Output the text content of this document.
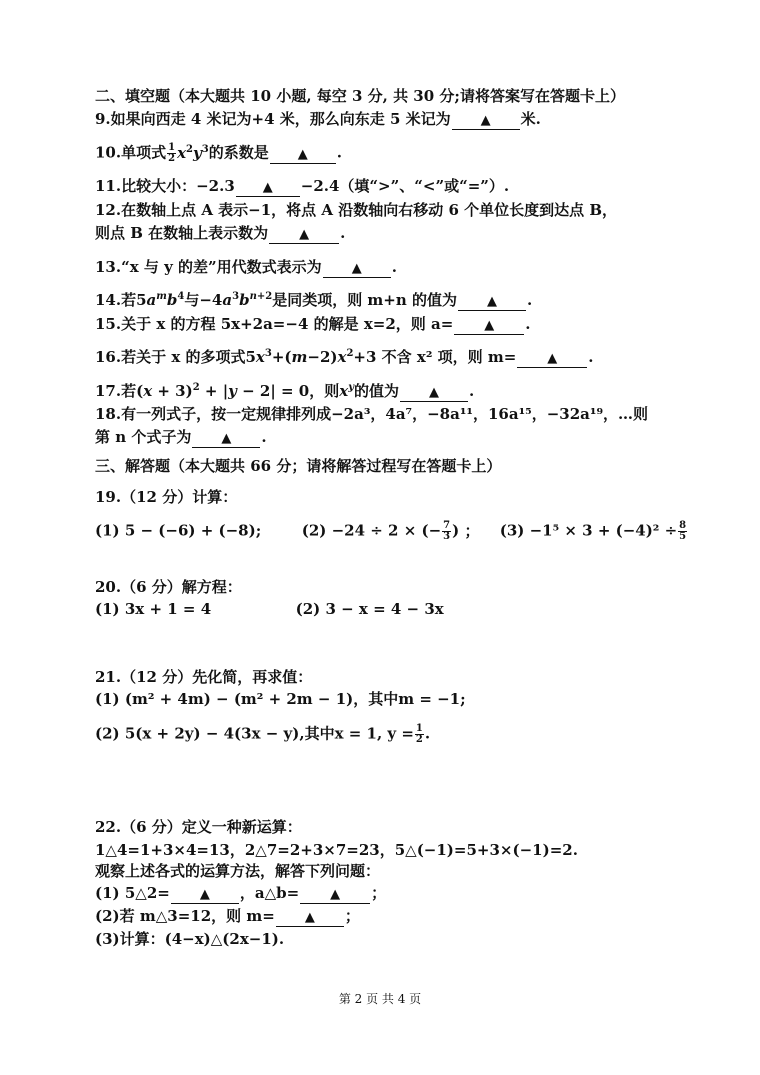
二、填空题（本大题共 10 小题, 每空 3 分, 共 30 分;请将答案写在答题卡上）
9.如果向西走 4 米记为+4 米，那么向东走 5 米记为 ▲ 米.
10.单项式 $\frac{1}{2} x^2y^3$的系数是 ▲ .
11.比较大小：−2.3 ▲ −2.4（填“>”、“<”或“=”）.
12.在数轴上点 A 表示−1，将点 A 沿数轴向右移动 6 个单位长度到达点 B，
则点 B 在数轴上表示数为 ▲ .
13.“x 与 y 的差”用代数式表示为 ▲ .
14.若$5a^mb^4$与$-4a^3b^{n+2}$是同类项，则 m+n 的值为 ▲ .
15.关于 x 的方程 5x+2a=−4 的解是 x=2，则 a= ▲ .
16.若关于 x 的多项式$5x^3+(m-2)x^2+3$ 不含 x² 项，则 m= ▲ .
17.若$(x + 3)^2 + |y - 2| = 0$，则$x^y$的值为 ▲ .
18.有一列式子，按一定规律排列成−2a³，4a⁷，−8a¹¹，16a¹⁵，−32a¹⁹，…则
第 n 个式子为 ▲ .
三、解答题（本大题共 66 分；请将解答过程写在答题卡上）
19.（12 分）计算：
(1) 5 − (−6) + (−8);	(2) −24 ÷ 2 × (− $\frac{7}{3}$ ) ； $(3) -1^5 \times 3 + (-4)^2 \div \frac{8}{5}$
20.（6 分）解方程：
(1) 3x + 1 = 4	(2) 3 − x = 4 − 3x
21.（12 分）先化简，再求值：
(1) (m² + 4m) − (m² + 2m − 1)，其中m = −1;
(2) 5(x + 2y) − 4(3x − y),其中x = 1, $y = \frac{1}{2}$ .
22.（6 分）定义一种新运算：
1△4=1+3×4=13，2△7=2+3×7=23，5△(−1)=5+3×(−1)=2.
观察上述各式的运算方法，解答下列问题：
(1) 5△2= ▲ ，a△b= ▲ ；
(2)若 m△3=12，则 m= ▲ ；
(3)计算：(4−x)△(2x−1).
第 2 页 共 4 页
